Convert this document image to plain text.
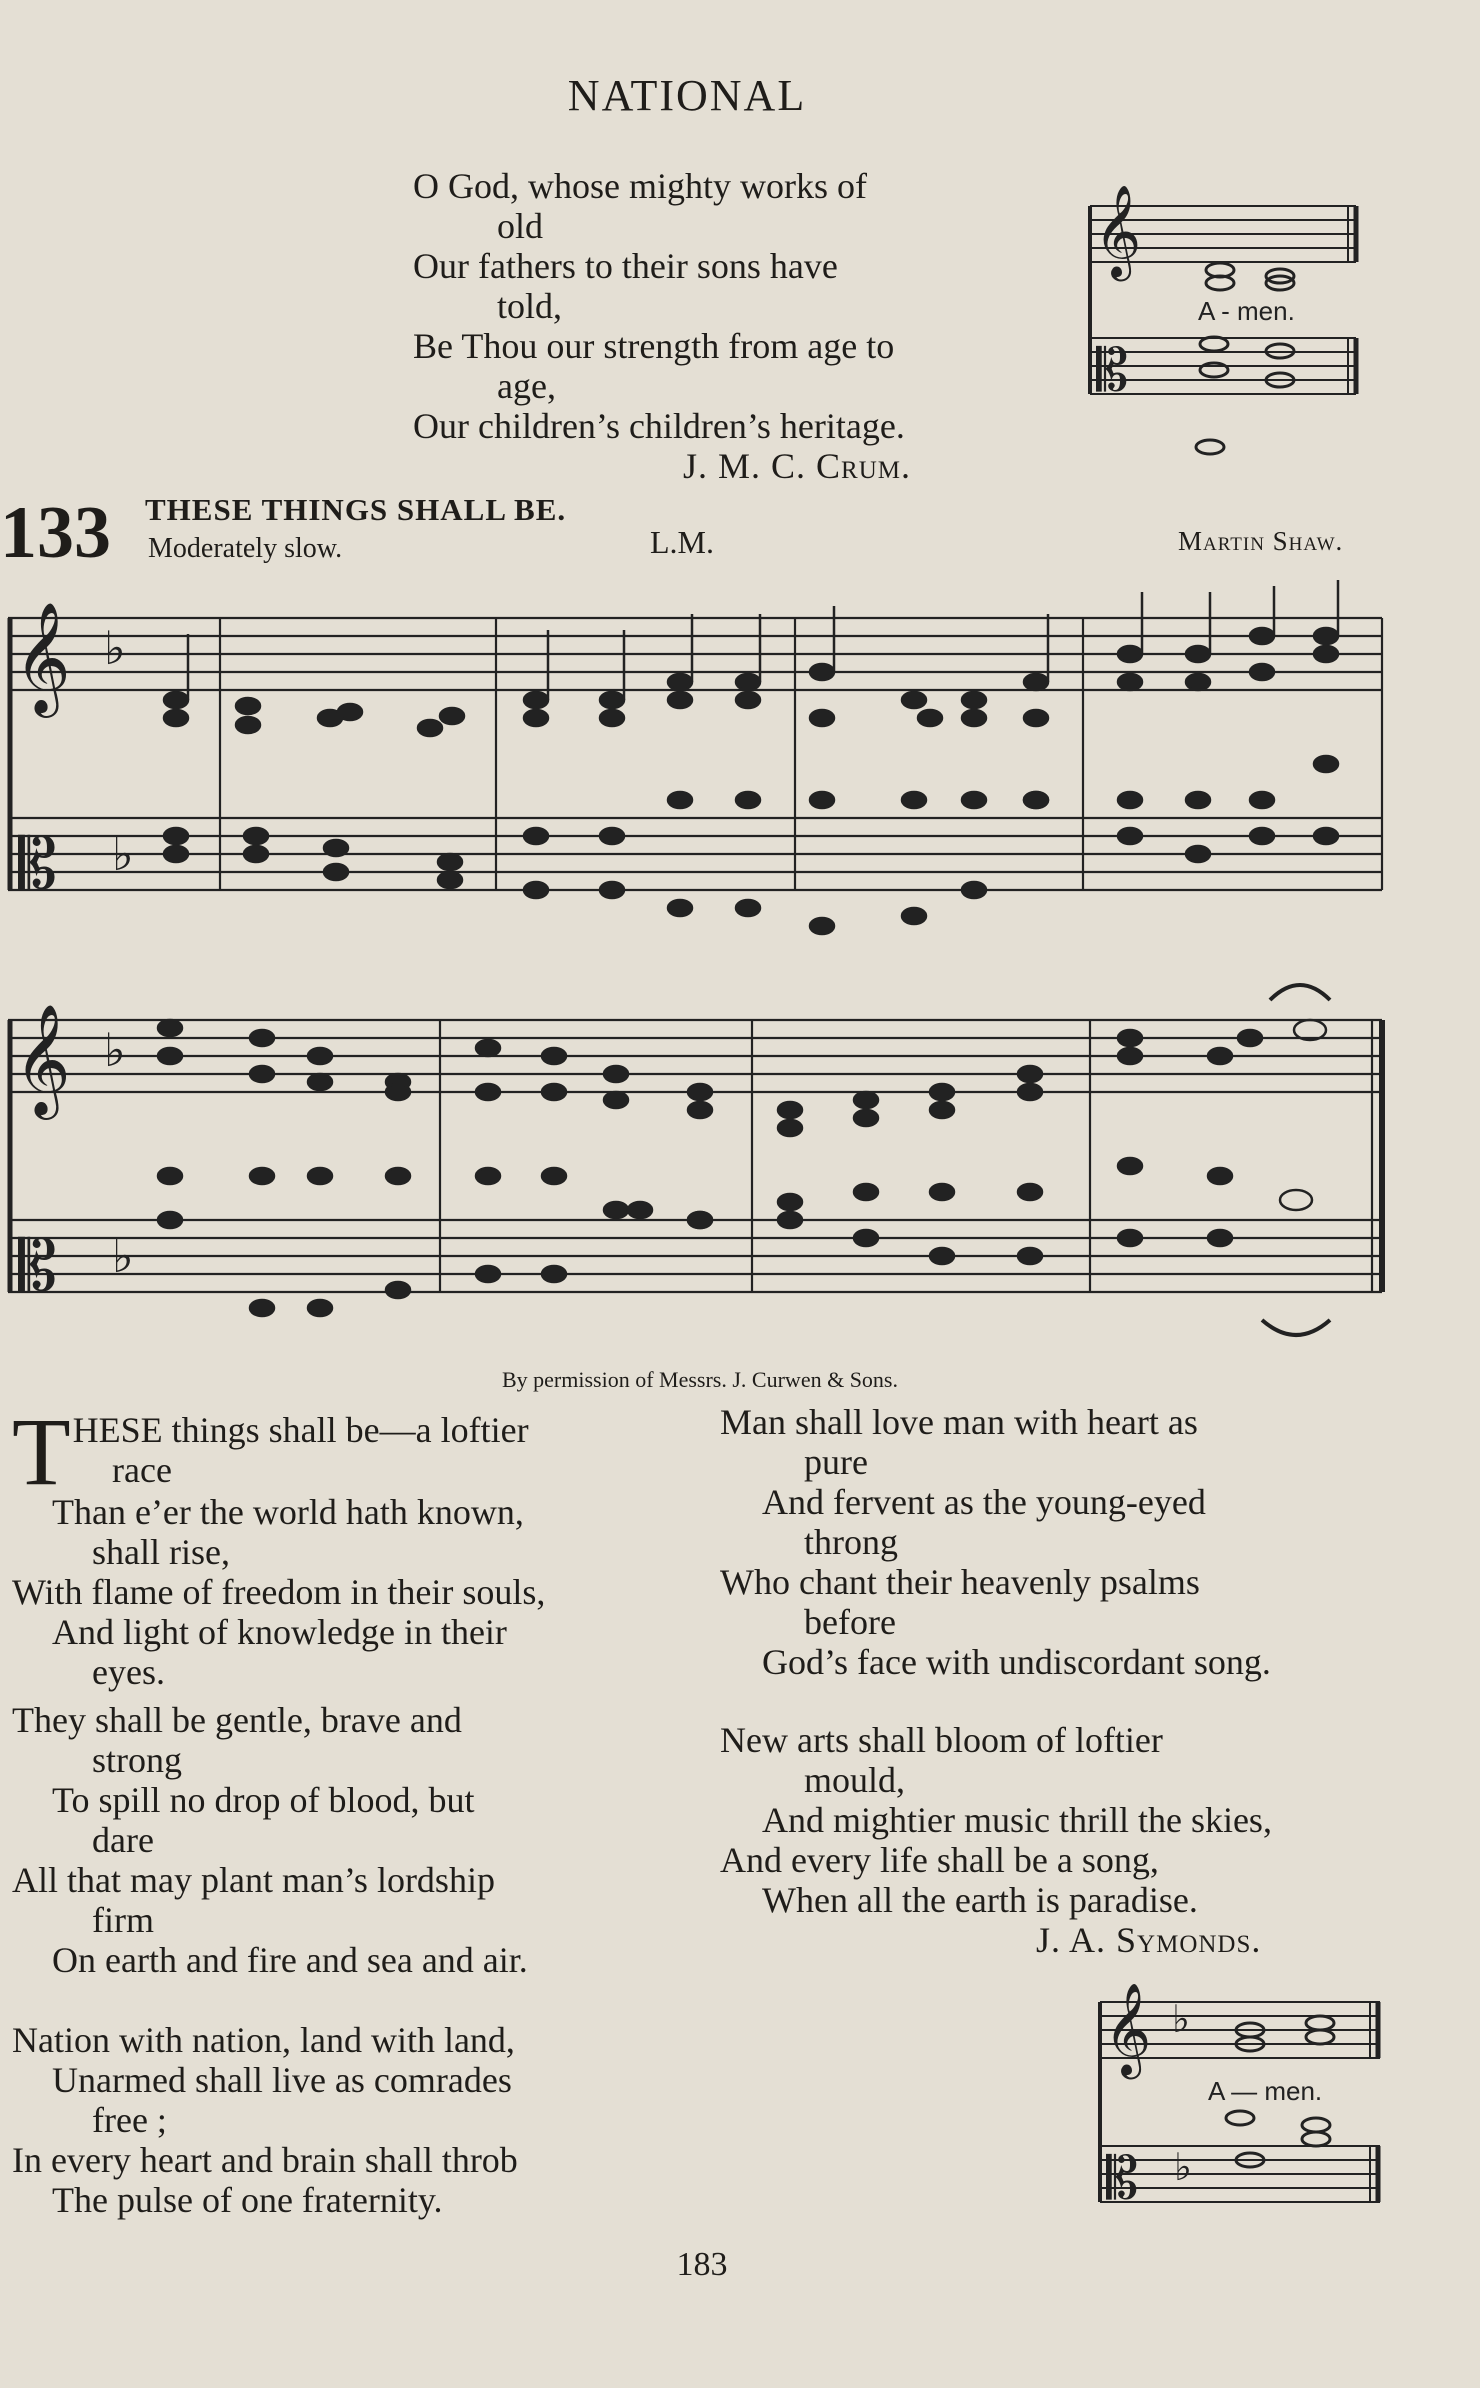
NATIONAL
O God, whose mighty works of
old
Our fathers to their sons have
told,
Be Thou our strength from age to
age,
Our children’s children’s heritage.
J. M. C. Crum.
𝄞
𝄡
A - men.
133 THESE THINGS SHALL BE.
Moderately slow.	L.M.	Martin Shaw.
𝄞
𝄡
♭
♭
𝄞
𝄡
♭
♭
By permission of Messrs. J. Curwen & Sons.
T HESE things shall be—a loftier
race
Than e’er the world hath known,
shall rise,
With flame of freedom in their souls,
And light of knowledge in their
eyes.
They shall be gentle, brave and
strong
To spill no drop of blood, but
dare
All that may plant man’s lordship
firm
On earth and fire and sea and air.
Nation with nation, land with land,
Unarmed shall live as comrades
free ;
In every heart and brain shall throb
The pulse of one fraternity.
Man shall love man with heart as
pure
And fervent as the young-eyed
throng
Who chant their heavenly psalms
before
God’s face with undiscordant song.
New arts shall bloom of loftier
mould,
And mightier music thrill the skies,
And every life shall be a song,
When all the earth is paradise.
J. A. Symonds.
𝄞
𝄡
♭
♭
A — men.
183
